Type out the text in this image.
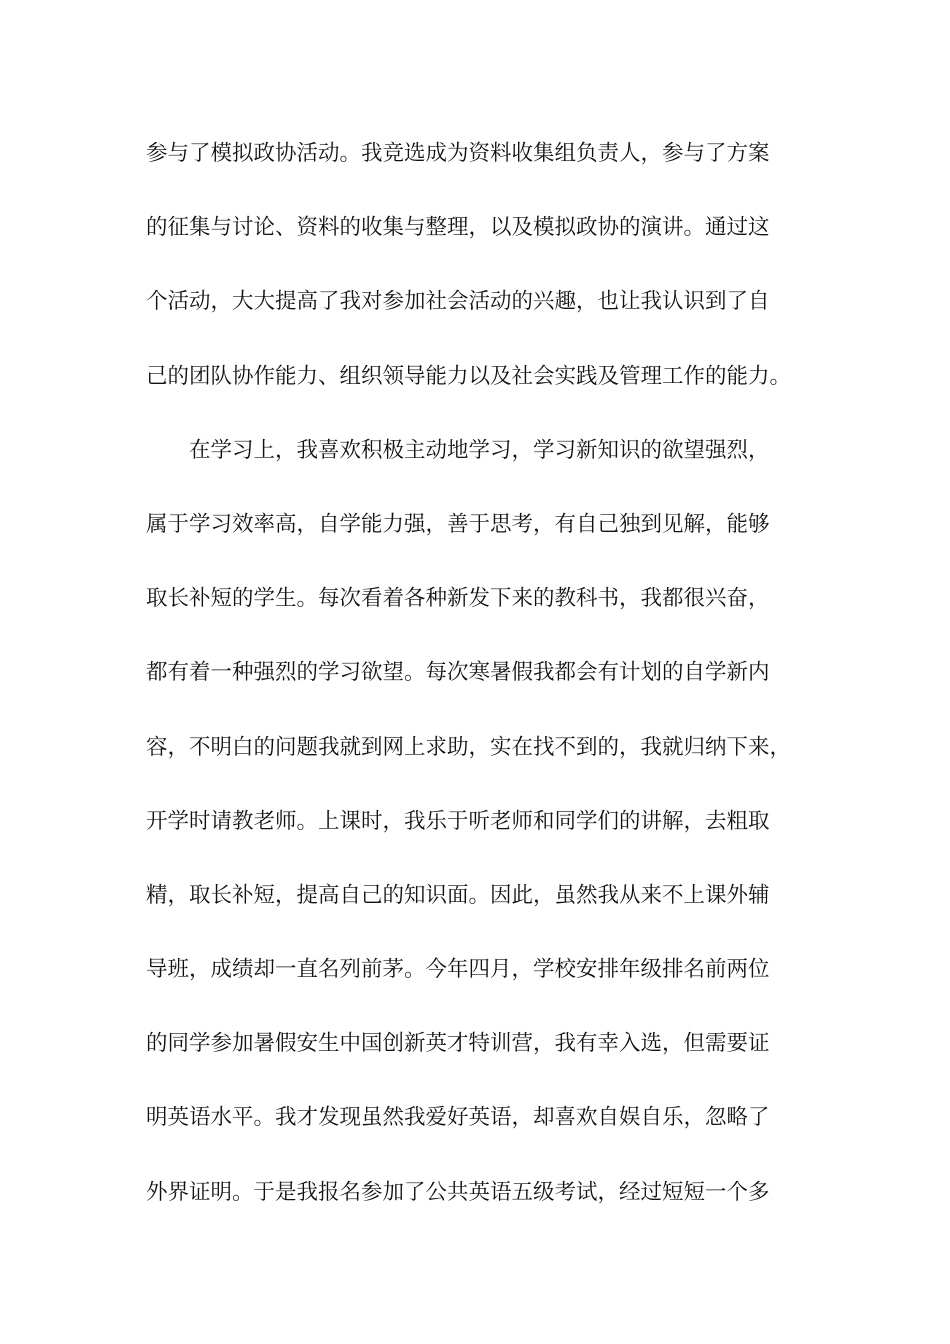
参与了模拟政协活动。我竞选成为资料收集组负责人，参与了方案
的征集与讨论、资料的收集与整理，以及模拟政协的演讲。通过这
个活动，大大提高了我对参加社会活动的兴趣，也让我认识到了自
己的团队协作能力、组织领导能力以及社会实践及管理工作的能力。
　　在学习上，我喜欢积极主动地学习，学习新知识的欲望强烈，
属于学习效率高，自学能力强，善于思考，有自己独到见解，能够
取长补短的学生。每次看着各种新发下来的教科书，我都很兴奋，
都有着一种强烈的学习欲望。每次寒暑假我都会有计划的自学新内
容，不明白的问题我就到网上求助，实在找不到的，我就归纳下来，
开学时请教老师。上课时，我乐于听老师和同学们的讲解，去粗取
精，取长补短，提高自己的知识面。因此，虽然我从来不上课外辅
导班，成绩却一直名列前茅。今年四月，学校安排年级排名前两位
的同学参加暑假安生中国创新英才特训营，我有幸入选，但需要证
明英语水平。我才发现虽然我爱好英语，却喜欢自娱自乐，忽略了
外界证明。于是我报名参加了公共英语五级考试，经过短短一个多
